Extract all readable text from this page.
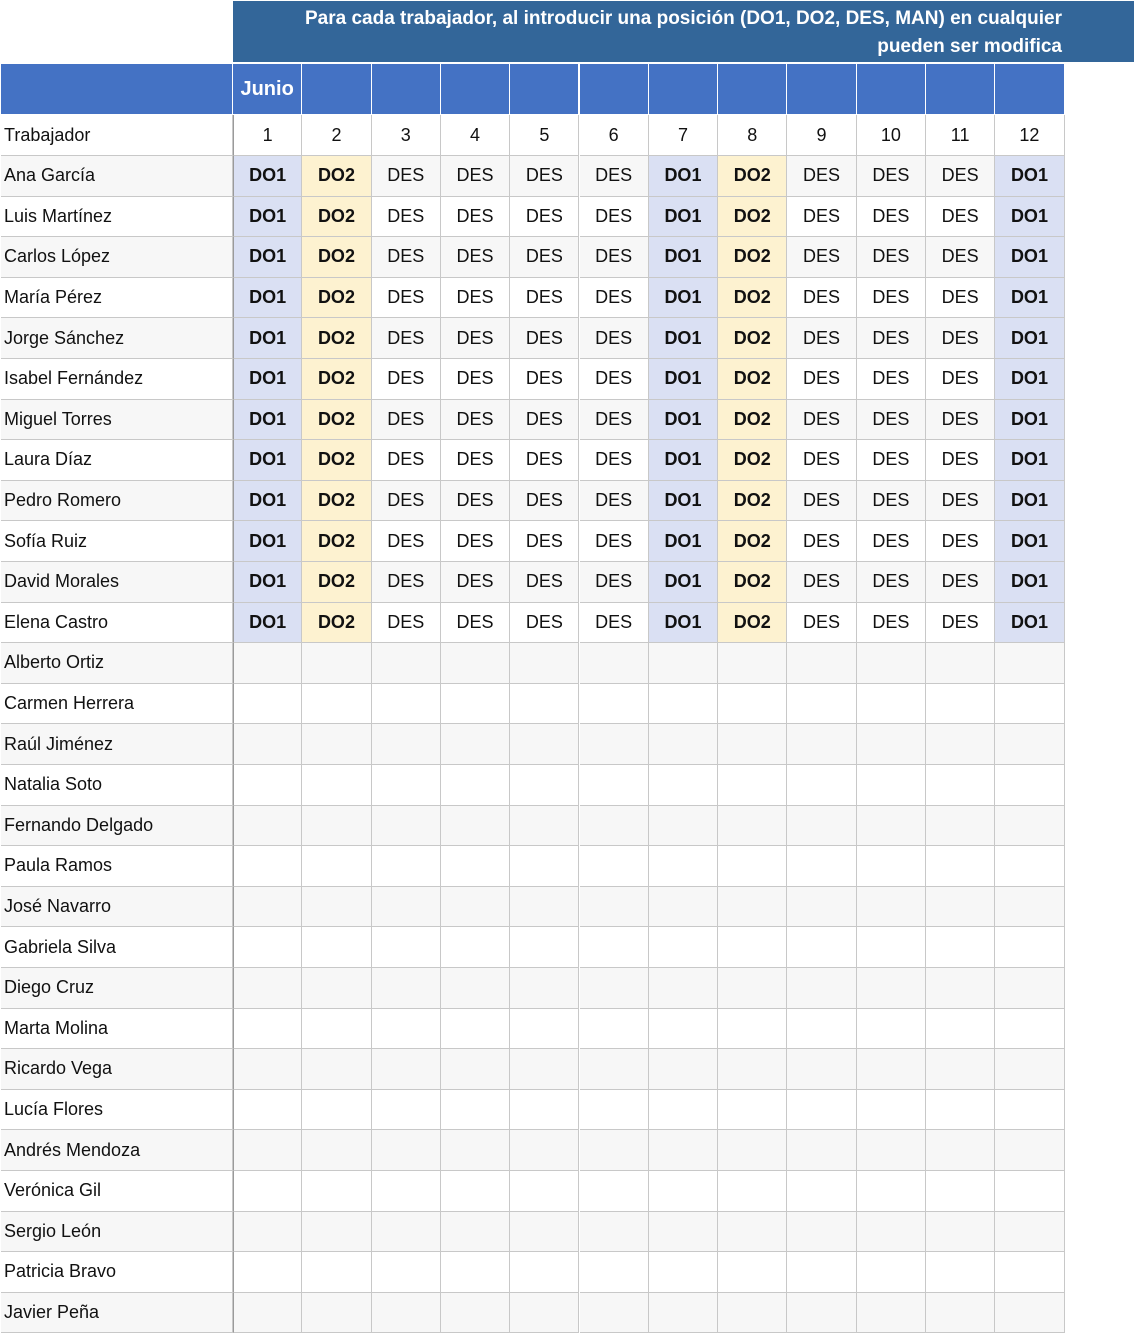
Para cada trabajador, al introducir una posición (DO1, DO2, DES, MAN) en cualquier
pueden ser modifica
Junio
Trabajador	1	2	3	4	5	6	7	8	9	10	11	12
Ana García	DO1	DO2	DES	DES	DES	DES	DO1	DO2	DES	DES	DES	DO1
Luis Martínez	DO1	DO2	DES	DES	DES	DES	DO1	DO2	DES	DES	DES	DO1
Carlos López	DO1	DO2	DES	DES	DES	DES	DO1	DO2	DES	DES	DES	DO1
María Pérez	DO1	DO2	DES	DES	DES	DES	DO1	DO2	DES	DES	DES	DO1
Jorge Sánchez	DO1	DO2	DES	DES	DES	DES	DO1	DO2	DES	DES	DES	DO1
Isabel Fernández	DO1	DO2	DES	DES	DES	DES	DO1	DO2	DES	DES	DES	DO1
Miguel Torres	DO1	DO2	DES	DES	DES	DES	DO1	DO2	DES	DES	DES	DO1
Laura Díaz	DO1	DO2	DES	DES	DES	DES	DO1	DO2	DES	DES	DES	DO1
Pedro Romero	DO1	DO2	DES	DES	DES	DES	DO1	DO2	DES	DES	DES	DO1
Sofía Ruiz	DO1	DO2	DES	DES	DES	DES	DO1	DO2	DES	DES	DES	DO1
David Morales	DO1	DO2	DES	DES	DES	DES	DO1	DO2	DES	DES	DES	DO1
Elena Castro	DO1	DO2	DES	DES	DES	DES	DO1	DO2	DES	DES	DES	DO1
Alberto Ortiz
Carmen Herrera
Raúl Jiménez
Natalia Soto
Fernando Delgado
Paula Ramos
José Navarro
Gabriela Silva
Diego Cruz
Marta Molina
Ricardo Vega
Lucía Flores
Andrés Mendoza
Verónica Gil
Sergio León
Patricia Bravo
Javier Peña
